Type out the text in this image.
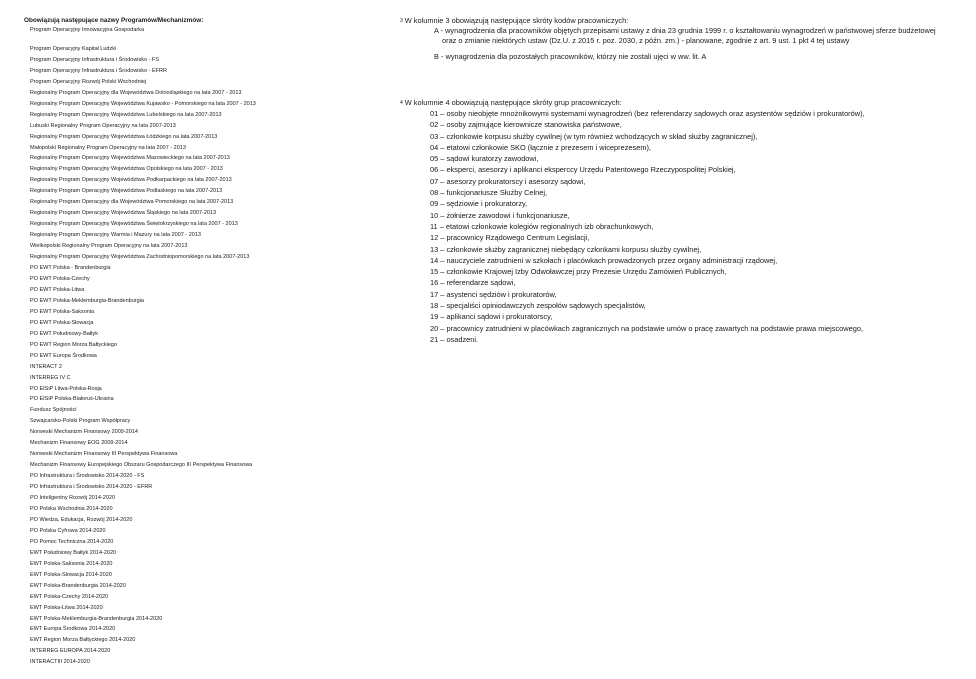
Obowiązują następujące nazwy Programów/Mechanizmów:
Program Operacyjny Innowacyjna Gospodarka
Program Operacyjny Kapitał Ludzki
Program Operacyjny Infrastruktura i Środowisko - FS
Program Operacyjny Infrastruktura i Środowisko - EFRR
Program Operacyjny Rozwój Polski Wschodniej
Regionalny Program Operacyjny dla Województwa Dolnośląskiego na lata 2007 - 2013
Regionalny Program Operacyjny Województwa Kujawsko - Pomorskiego na lata 2007 - 2013
Regionalny Program Operacyjny Województwa Lubelskiego na lata 2007-2013
Lubuski Regionalny Program Operacyjny na lata 2007-2013
Regionalny Program Operacyjny Województwa Łódzkiego na lata 2007-2013
Małopolski Regionalny Program Operacyjny na lata 2007 - 2013
Regionalny Program Operacyjny Województwa Mazowieckiego na lata 2007-2013
Regionalny Program Operacyjny Województwa Opolskiego na lata 2007 - 2013
Regionalny Program Operacyjny Województwa Podkarpackiego na lata 2007-2013
Regionalny Program Operacyjny Województwa Podlaskiego na lata 2007-2013
Regionalny Program Operacyjny dla Województwa Pomorskiego na lata 2007-2013
Regionalny Program Operacyjny Województwa Śląskiego na lata 2007-2013
Regionalny Program Operacyjny Województwa Świętokrzyskiego na lata 2007 - 2013
Regionalny Program Operacyjny Warmia i Mazury na lata 2007 - 2013
Wielkopolski Regionalny Program Operacyjny na lata 2007-2013
Regionalny Program Operacyjny Województwa Zachodniopomorskiego na lata 2007-2013
PO EWT Polska - Brandenburgia
PO EWT Polska-Czechy
PO EWT Polska-Litwa
PO EWT Polska-Meklemburgia-Brandenburgia
PO EWT Polska-Saksonia
PO EWT Polska-Słowacja
PO EWT Południowy-Bałtyk
PO EWT Region Morza Bałtyckiego
PO EWT Europa Środkowa
INTERACT 2
INTERREG IV C
PO EISiP Litwa-Polska-Rosja
PO EISiP Polska-Białoruś-Ukraina
Fundusz Spójności
Szwajcarsko-Polski Program Współpracy
Norweski Mechanizm Finansowy 2009-2014
Mechanizm Finansowy EOG 2009-2014
Norweski Mechanizm Finansowy III Perspektywa Finansowa
Mechanizm Finansowy Europejskiego Obszaru Gospodarczego III Perspektywa Finansowa
PO Infrastruktura i Środowisko 2014-2020 - FS
PO Infrastruktura i Środowisko 2014-2020 - EFRR
PO Inteligentny Rozwój 2014-2020
PO Polska Wschodnia 2014-2020
PO Wiedza, Edukacja, Rozwój 2014-2020
PO Polska Cyfrowa 2014-2020
PO Pomoc Techniczna 2014-2020
EWT Południowy Bałtyk 2014-2020
EWT Polska-Saksonia 2014-2020
EWT Polska-Słowacja 2014-2020
EWT Polska-Brandenburgia 2014-2020
EWT Polska-Czechy 2014-2020
EWT Polska-Litwa 2014-2020
EWT Polska-Meklemburgia-Brandenburgia 2014-2020
EWT Europa Środkowa 2014-2020
EWT Region Morza Bałtyckiego 2014-2020
INTERREG EUROPA 2014-2020
INTERACTIII 2014-2020
$^3$ W kolumnie 3 obowiązują następujące skróty kodów pracowniczych:
A - wynagrodzenia dla pracowników objętych przepisami ustawy z dnia 23 grudnia 1999 r. o kształtowaniu wynagrodzeń w państwowej sferze budżetowej
oraz o zmianie niektórych ustaw (Dz.U. z 2015 r. poz. 2030, z późn. zm.) - planowane, zgodnie z art. 9 ust. 1 pkt 4 tej ustawy
B - wynagrodzenia dla pozostałych pracowników, którzy nie zostali ujęci w ww. lit. A
$^4$ W kolumnie 4 obowiązują następujące skróty grup pracowniczych:
01 – osoby nieobjęte mnożnikowymi systemami wynagrodzeń (bez referendarzy sądowych oraz asystentów sędziów i prokuratorów),
02 – osoby zajmujące kierownicze stanowiska państwowe,
03 – członkowie korpusu służby cywilnej (w tym również wchodzących w skład służby zagranicznej),
04 – etatowi członkowie SKO (łącznie z prezesem i wiceprezesem),
05 – sądowi kuratorzy zawodowi,
06 – eksperci, asesorzy i aplikanci eksperccy Urzędu Patentowego Rzeczypospolitej Polskiej,
07 – asesorzy prokuratorscy i asesorzy sądowi,
08 – funkcjonariusze Służby Celnej,
09 – sędziowie i prokuratorzy,
10 – żołnierze zawodowi i funkcjonariusze,
11 – etatowi członkowie kolegiów regionalnych izb obrachunkowych,
12 – pracownicy Rządowego Centrum Legislacji,
13 – członkowie służby zagranicznej niebędący członkami korpusu służby cywilnej,
14 – nauczyciele zatrudnieni w szkołach i placówkach prowadzonych przez organy administracji rządowej,
15 – członkowie Krajowej Izby Odwoławczej przy Prezesie Urzędu Zamówień Publicznych,
16 – referendarze sądowi,
17 – asystenci sędziów i prokuratorów,
18 – specjaliści opiniodawczych zespołów sądowych specjalistów,
19 – aplikanci sądowi i prokuratorscy,
20 – pracownicy zatrudnieni w placówkach zagranicznych na podstawie umów o pracę zawartych na podstawie prawa miejscowego,
21 – osadzeni.
